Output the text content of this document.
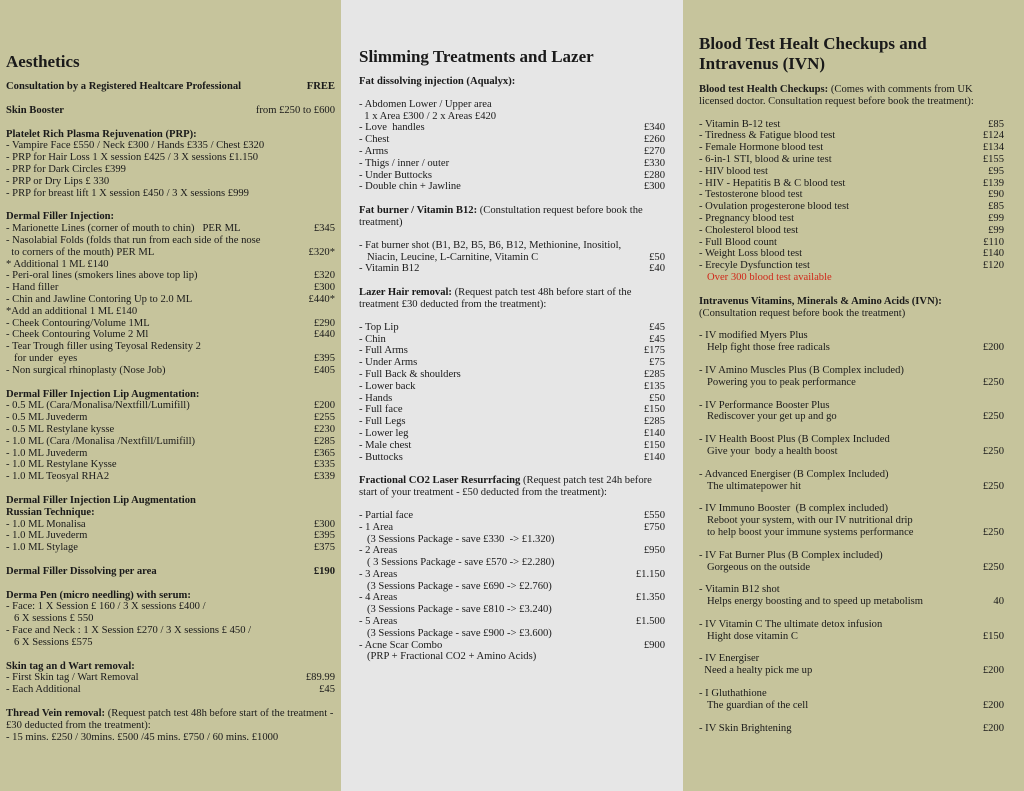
Aesthetics
Consultation by a Registered Healtcare Professional	FREE
Skin Booster	from £250 to £600
Platelet Rich Plasma Rejuvenation (PRP):
- Vampire Face £550 / Neck £300 / Hands £335 / Chest £320
- PRP for Hair Loss 1 X session £425 / 3 X sessions £1.150
- PRP for Dark Circles £399
- PRP or Dry Lips £ 330
- PRP for breast lift 1 X session £450 / 3 X sessions £999
Dermal Filler Injection:
- Marionette Lines (corner of mouth to chin)   PER ML	£345
- Nasolabial Folds (folds that run from each side of the nose
to corners of the mouth) PER ML	£320*
* Additional 1 ML £140
- Peri-oral lines (smokers lines above top lip)	£320
- Hand filler	£300
- Chin and Jawline Contoring Up to 2.0 ML	£440*
*Add an additional 1 ML £140
- Cheek Contouring/Volume 1ML	£290
- Cheek Contouring Volume 2 Ml	£440
- Tear Trough filler using Teyosal Redensity 2
for under  eyes	£395
- Non surgical rhinoplasty (Nose Job)	£405
Dermal Filler Injection Lip Augmentation:
- 0.5 ML (Cara/Monalisa/Nextfill/Lumifill)	£200
- 0.5 ML Juvederm	£255
- 0.5 ML Restylane kysse	£230
- 1.0 ML (Cara /Monalisa /Nextfill/Lumifill)	£285
- 1.0 ML Juvederm	£365
- 1.0 ML Restylane Kysse	£335
- 1.0 ML Teosyal RHA2	£339
Dermal Filler Injection Lip Augmentation
Russian Technique:
- 1.0 ML Monalisa	£300
- 1.0 ML Juvederm	£395
- 1.0 ML Stylage	£375
Dermal Filler Dissolving per area	£190
Derma Pen (micro needling) with serum:
- Face: 1 X Session £ 160 / 3 X sessions £400 /
6 X sessions £ 550
- Face and Neck : 1 X Session £270 / 3 X sessions £ 450 /
6 X Sessions £575
Skin tag an d Wart removal:
- First Skin tag / Wart Removal	£89.99
- Each Additional	£45
Thread Vein removal: (Request patch test 48h before start of the treatment - £30 deducted from the treatment):
- 15 mins. £250 / 30mins. £500 /45 mins. £750 / 60 mins. £1000
Slimming Treatments and Lazer
Fat dissolving injection (Aqualyx):
- Abdomen Lower / Upper area
1 x Area £300 / 2 x Areas £420
- Love  handles	£340
- Chest	£260
- Arms	£270
- Thigs / inner / outer	£330
- Under Buttocks	£280
- Double chin + Jawline	£300
Fat burner / Vitamin B12: (Constultation request before book the treatment)
- Fat burner shot (B1, B2, B5, B6, B12, Methionine, Inositiol,
Niacin, Leucine, L-Carnitine, Vitamin C	£50
- Vitamin B12	£40
Lazer Hair removal: (Request patch test 48h before start of the treatment £30 deducted from the treatment):
- Top Lip	£45
- Chin	£45
- Full Arms	£175
- Under Arms	£75
- Full Back & shoulders	£285
- Lower back	£135
- Hands	£50
- Full face	£150
- Full Legs	£285
- Lower leg	£140
- Male chest	£150
- Buttocks	£140
Fractional CO2 Laser Resurrfacing (Request patch test 24h before start of your treatment - £50 deducted from the treatment):
- Partial face	£550
- 1 Area	£750
(3 Sessions Package - save £330  -> £1.320)
- 2 Areas	£950
( 3 Sessions Package - save £570 -> £2.280)
- 3 Areas	£1.150
(3 Sessions Package - save £690 -> £2.760)
- 4 Areas	£1.350
(3 Sessions Package - save £810 -> £3.240)
- 5 Areas	£1.500
(3 Sessions Package - save £900 -> £3.600)
- Acne Scar Combo	£900
(PRP + Fractional CO2 + Amino Acids)
Blood Test Healt Checkups and Intravenus (IVN)
Blood test Health Checkups: (Comes with comments from UK licensed doctor. Consultation request before book the treatment):
- Vitamin B-12 test	£85
- Tiredness & Fatigue blood test	£124
- Female Hormone blood test	£134
- 6-in-1 STI, blood & urine test	£155
- HIV blood test	£95
- HIV - Hepatitis B & C blood test	£139
- Testosterone blood test	£90
- Ovulation progesterone blood test	£85
- Pregnancy blood test	£99
- Cholesterol blood test	£99
- Full Blood count	£110
- Weight Loss blood test	£140
- Erecyle Dysfunction test	£120
Over 300 blood test available
Intravenus Vitamins, Minerals & Amino Acids (IVN):
(Consultation request before book the treatment)
- IV modified Myers Plus
Help fight those free radicals	£200
- IV Amino Muscles Plus (B Complex included)
Powering you to peak performance	£250
- IV Performance Booster Plus
Rediscover your get up and go	£250
- IV Health Boost Plus (B Complex Included
Give your  body a health boost	£250
- Advanced Energiser (B Complex Included)
The ultimatepower hit	£250
- IV Immuno Booster  (B complex included)
Reboot your system, with our IV nutritional drip
to help boost your immune systems performance	£250
- IV Fat Burner Plus (B Complex included)
Gorgeous on the outside	£250
- Vitamin B12 shot
Helps energy boosting and to speed up metabolism	40
- IV Vitamin C The ultimate detox infusion
Hight dose vitamin C	£150
- IV Energiser
Need a healty pick me up	£200
- I Gluthathione
The guardian of the cell	£200
- IV Skin Brightening	£200
